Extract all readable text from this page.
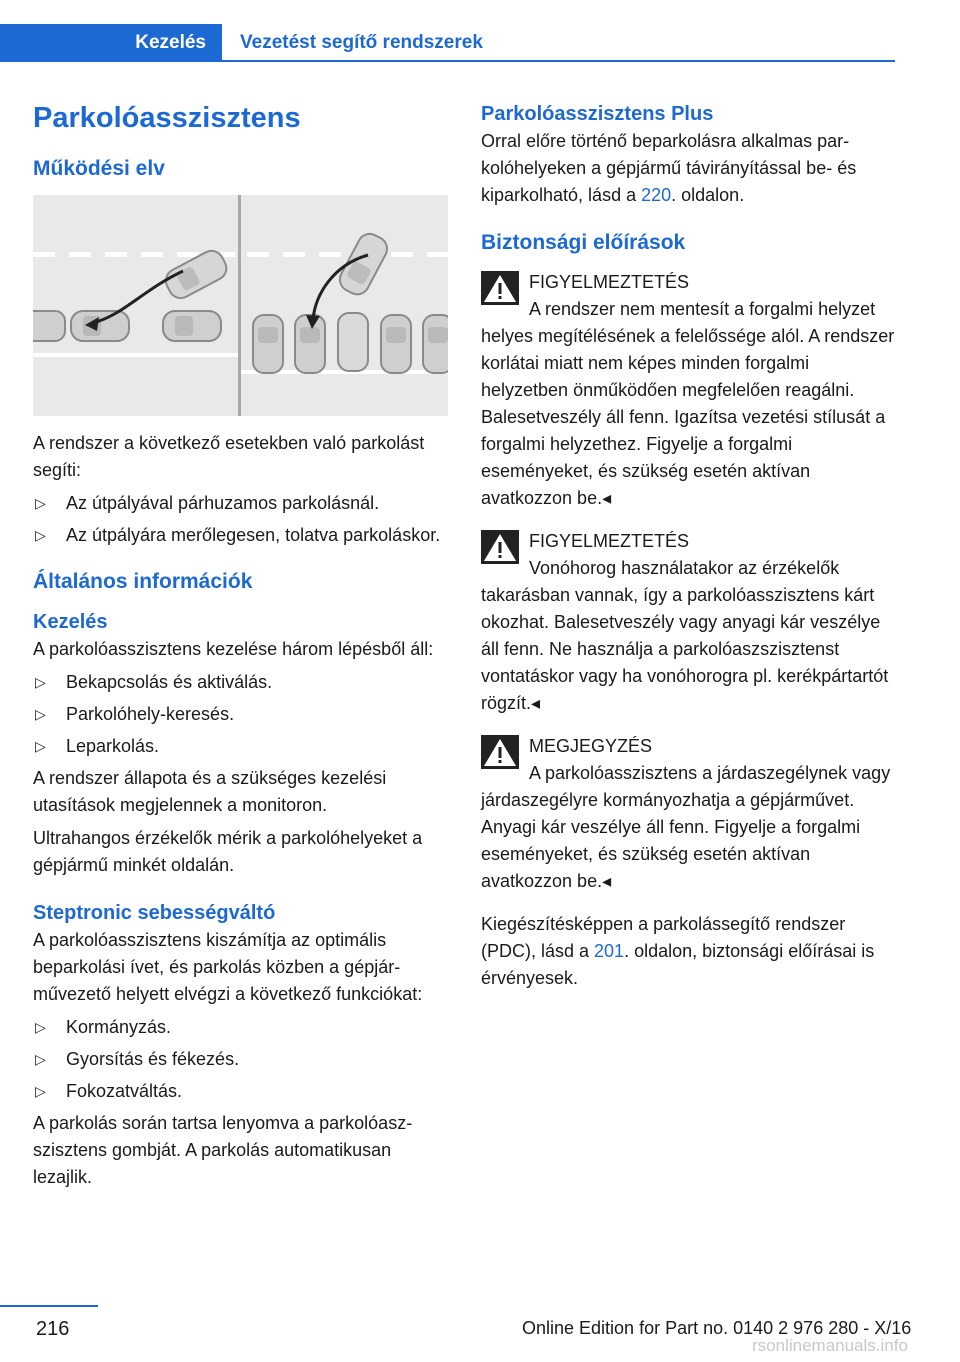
Kezelés	Vezetést segítő rendszerek
Parkolóasszisztens
Működési elv

A rendszer a következő esetekben való parkolást segíti:

▷ Az útpályával párhuzamos parkolásnál.
▷ Az útpályára merőlegesen, tolatva parkoláskor.
Általános információk
Kezelés

A parkolóasszisztens kezelése három lépésből áll:

▷ Bekapcsolás és aktiválás.
▷ Parkolóhely-keresés.
▷ Leparkolás.

A rendszer állapota és a szükséges kezelési utasítások megjelennek a monitoron.

Ultrahangos érzékelők mérik a parkolóhelyeket a gépjármű minkét oldalán.

Steptronic sebességváltó

A parkolóasszisztens kiszámítja az optimális beparkolási ívet, és parkolás közben a gépjárművezető helyett elvégzi a következő funkciókat:

▷ Kormányzás.
▷ Gyorsítás és fékezés.
▷ Fokozatváltás.

A parkolás során tartsa lenyomva a parkolóaszszisztens gombját. A parkolás automatikusan lezajlik.

Parkolóasszisztens Plus

Orral előre történő beparkolásra alkalmas parkolóhelyeken a gépjármű távirányítással be- és kiparkolható, lásd a 220. oldalon.

Biztonsági előírások

FIGYELMEZTETÉS

A rendszer nem mentesít a forgalmi helyzet helyes megítélésének a felelőssége alól. A rendszer korlátai miatt nem képes minden forgalmi helyzetben önműködően megfelelően reagálni. Balesetveszély áll fenn. Igazítsa vezetési stílusát a forgalmi helyzethez. Figyelje a forgalmi eseményeket, és szükség esetén aktívan avatkozzon be.◂

FIGYELMEZTETÉS

Vonóhorog használatakor az érzékelők takarásban vannak, így a parkolóasszisztens kárt okozhat. Balesetveszély vagy anyagi kár veszélye áll fenn. Ne használja a parkolóaszszisztenst vontatáskor vagy ha vonóhorogra pl. kerékpártartót rögzít.◂

MEGJEGYZÉS

A parkolóasszisztens a járdaszegélynek vagy járdaszegélyre kormányozhatja a gépjárművet. Anyagi kár veszélye áll fenn. Figyelje a forgalmi eseményeket, és szükség esetén aktívan avatkozzon be.◂

Kiegészítésképpen a parkolássegítő rendszer (PDC), lásd a 201. oldalon, biztonsági előírásai is érvényesek.

216	Online Edition for Part no. 0140 2 976 280 - X/16
rsonlinemanuals.info
